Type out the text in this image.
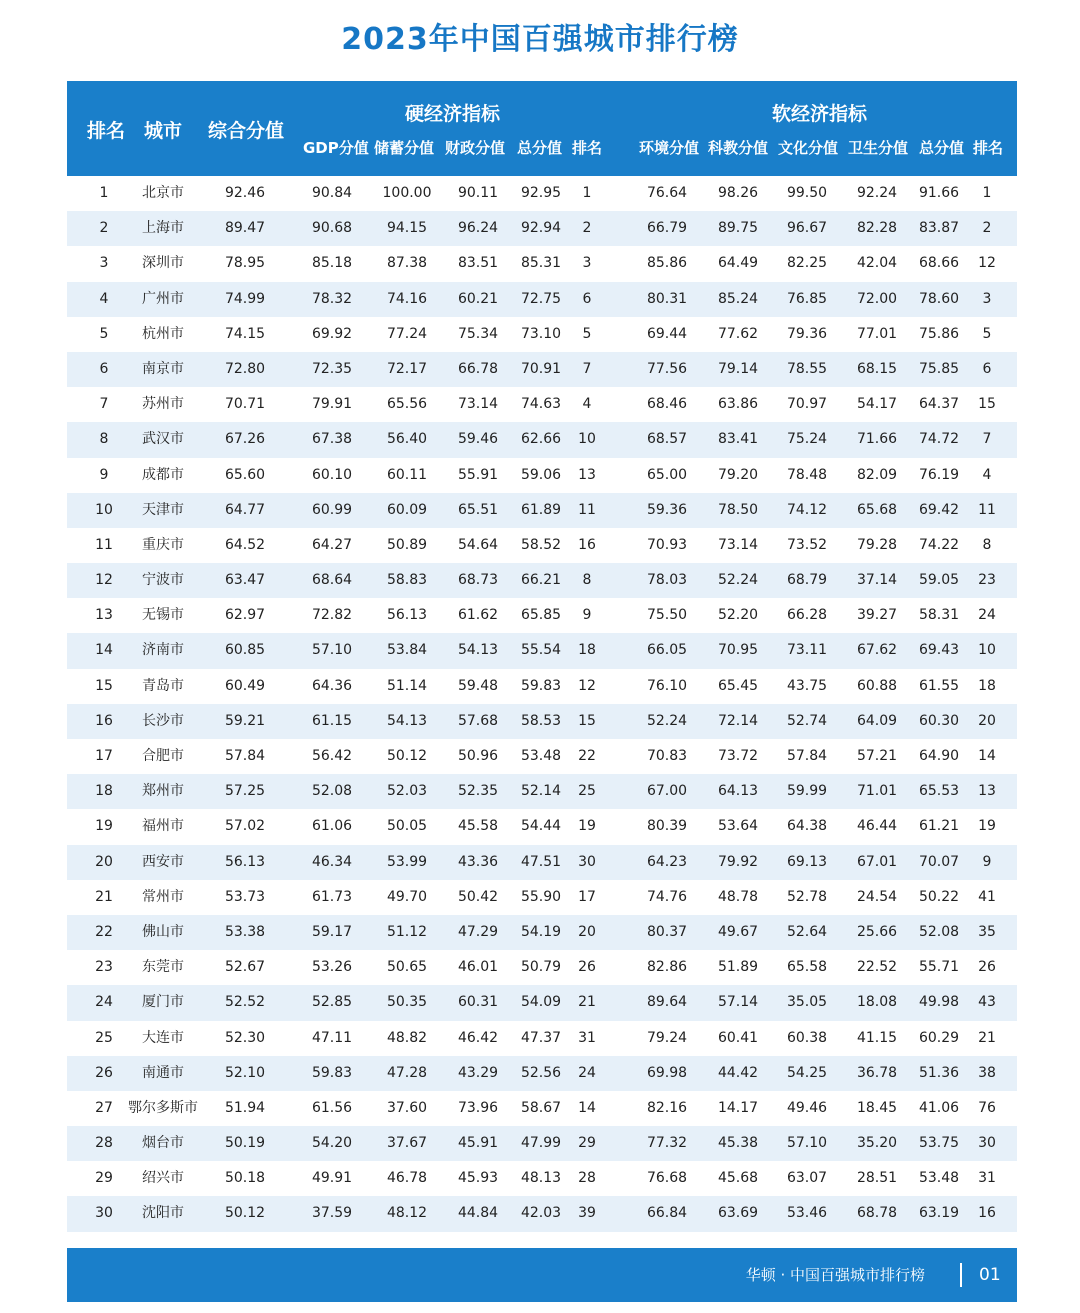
2023年中国百强城市排行榜
排名 城市 综合分值
硬经济指标	软经济指标
GDP分值 储蓄分值 财政分值 总分值 排名 环境分值 科教分值 文化分值 卫生分值 总分值 排名
1	北京市	92.46	90.84	100.00	90.11	92.95	1	76.64	98.26	99.50	92.24	91.66	1
2	上海市	89.47	90.68	94.15	96.24	92.94	2	66.79	89.75	96.67	82.28	83.87	2
3	深圳市	78.95	85.18	87.38	83.51	85.31	3	85.86	64.49	82.25	42.04	68.66	12
4	广州市	74.99	78.32	74.16	60.21	72.75	6	80.31	85.24	76.85	72.00	78.60	3
5	杭州市	74.15	69.92	77.24	75.34	73.10	5	69.44	77.62	79.36	77.01	75.86	5
6	南京市	72.80	72.35	72.17	66.78	70.91	7	77.56	79.14	78.55	68.15	75.85	6
7	苏州市	70.71	79.91	65.56	73.14	74.63	4	68.46	63.86	70.97	54.17	64.37	15
8	武汉市	67.26	67.38	56.40	59.46	62.66	10	68.57	83.41	75.24	71.66	74.72	7
9	成都市	65.60	60.10	60.11	55.91	59.06	13	65.00	79.20	78.48	82.09	76.19	4
10	天津市	64.77	60.99	60.09	65.51	61.89	11	59.36	78.50	74.12	65.68	69.42	11
11	重庆市	64.52	64.27	50.89	54.64	58.52	16	70.93	73.14	73.52	79.28	74.22	8
12	宁波市	63.47	68.64	58.83	68.73	66.21	8	78.03	52.24	68.79	37.14	59.05	23
13	无锡市	62.97	72.82	56.13	61.62	65.85	9	75.50	52.20	66.28	39.27	58.31	24
14	济南市	60.85	57.10	53.84	54.13	55.54	18	66.05	70.95	73.11	67.62	69.43	10
15	青岛市	60.49	64.36	51.14	59.48	59.83	12	76.10	65.45	43.75	60.88	61.55	18
16	长沙市	59.21	61.15	54.13	57.68	58.53	15	52.24	72.14	52.74	64.09	60.30	20
17	合肥市	57.84	56.42	50.12	50.96	53.48	22	70.83	73.72	57.84	57.21	64.90	14
18	郑州市	57.25	52.08	52.03	52.35	52.14	25	67.00	64.13	59.99	71.01	65.53	13
19	福州市	57.02	61.06	50.05	45.58	54.44	19	80.39	53.64	64.38	46.44	61.21	19
20	西安市	56.13	46.34	53.99	43.36	47.51	30	64.23	79.92	69.13	67.01	70.07	9
21	常州市	53.73	61.73	49.70	50.42	55.90	17	74.76	48.78	52.78	24.54	50.22	41
22	佛山市	53.38	59.17	51.12	47.29	54.19	20	80.37	49.67	52.64	25.66	52.08	35
23	东莞市	52.67	53.26	50.65	46.01	50.79	26	82.86	51.89	65.58	22.52	55.71	26
24	厦门市	52.52	52.85	50.35	60.31	54.09	21	89.64	57.14	35.05	18.08	49.98	43
25	大连市	52.30	47.11	48.82	46.42	47.37	31	79.24	60.41	60.38	41.15	60.29	21
26	南通市	52.10	59.83	47.28	43.29	52.56	24	69.98	44.42	54.25	36.78	51.36	38
27	鄂尔多斯市	51.94	61.56	37.60	73.96	58.67	14	82.16	14.17	49.46	18.45	41.06	76
28	烟台市	50.19	54.20	37.67	45.91	47.99	29	77.32	45.38	57.10	35.20	53.75	30
29	绍兴市	50.18	49.91	46.78	45.93	48.13	28	76.68	45.68	63.07	28.51	53.48	31
30	沈阳市	50.12	37.59	48.12	44.84	42.03	39	66.84	63.69	53.46	68.78	63.19	16
华顿 · 中国百强城市排行榜	01
